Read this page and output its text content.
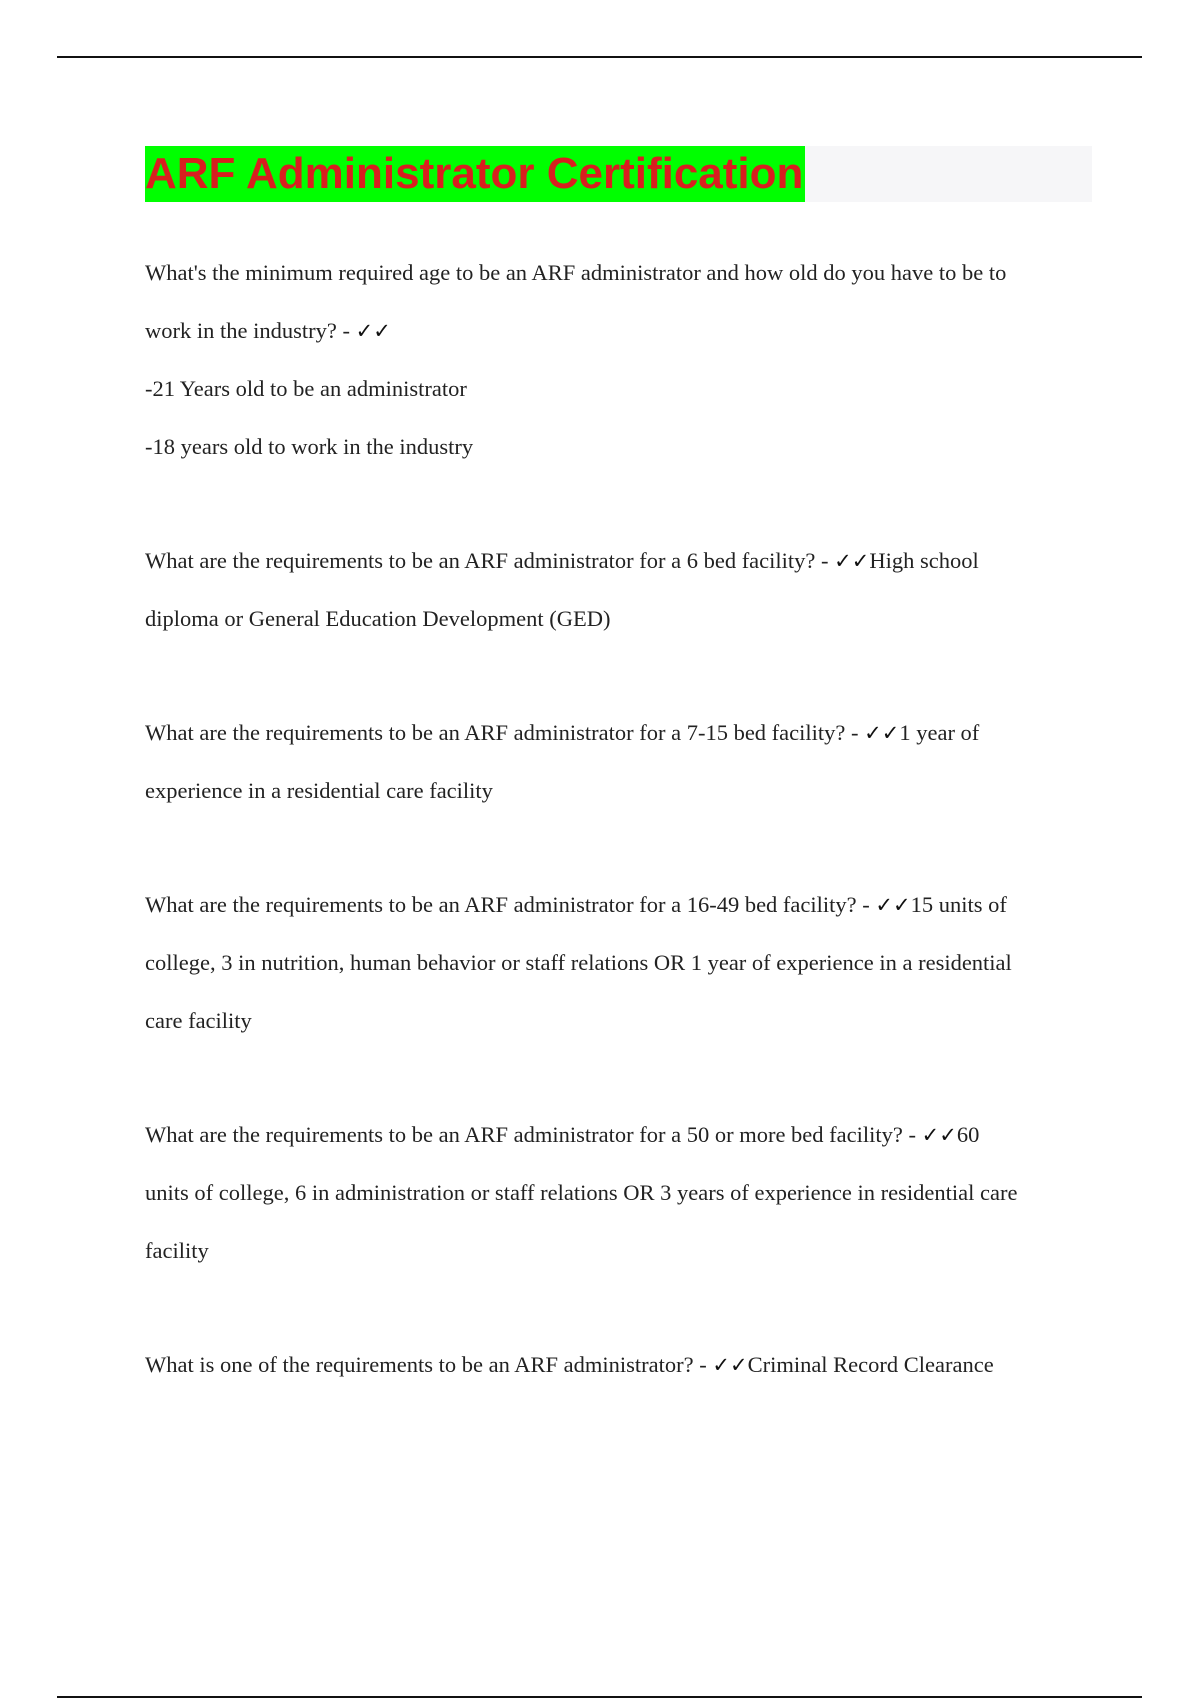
ARF Administrator Certification
What's the minimum required age to be an ARF administrator and how old do you have to be to
work in the industry? - ✓✓
-21 Years old to be an administrator
-18 years old to work in the industry
What are the requirements to be an ARF administrator for a 6 bed facility? - ✓✓High school
diploma or General Education Development (GED)
What are the requirements to be an ARF administrator for a 7-15 bed facility? - ✓✓1 year of
experience in a residential care facility
What are the requirements to be an ARF administrator for a 16-49 bed facility? - ✓✓15 units of
college, 3 in nutrition, human behavior or staff relations OR 1 year of experience in a residential
care facility
What are the requirements to be an ARF administrator for a 50 or more bed facility? - ✓✓60
units of college, 6 in administration or staff relations OR 3 years of experience in residential care
facility
What is one of the requirements to be an ARF administrator? - ✓✓Criminal Record Clearance
